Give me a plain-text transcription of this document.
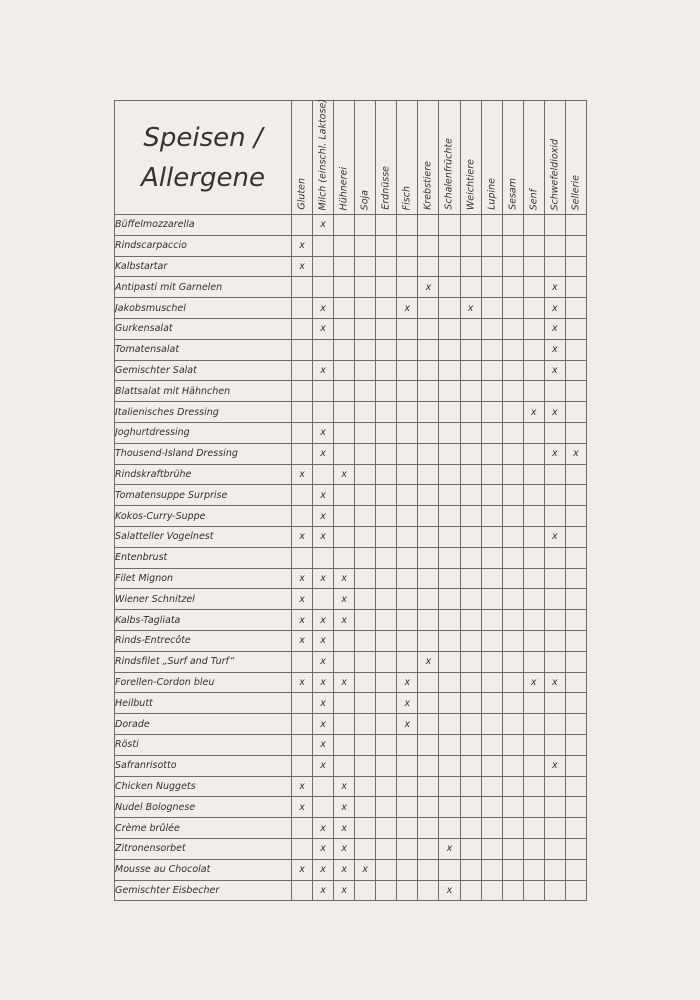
Speisen /
Allergene	Gluten	Milch (einschl. Laktose)	Hühnerei	Soja	Erdnüsse	Fisch	Krebstiere	Schalenfrüchte	Weichtiere	Lupine	Sesam	Senf	Schwefeldioxid	Sellerie

Büffelmozzarella		x												
Rindscarpaccio	x													
Kalbstartar	x													
Antipasti mit Garnelen							x						x	
Jakobsmuschel		x				x			x				x	
Gurkensalat		x											x	
Tomatensalat													x	
Gemischter Salat		x											x	
Blattsalat mit Hähnchen														
Italienisches Dressing												x	x	
Joghurtdressing		x												
Thousend-Island Dressing		x											x	x
Rindskraftbrühe	x		x											
Tomatensuppe Surprise		x												
Kokos-Curry-Suppe		x												
Salatteller Vogelnest	x	x											x	
Entenbrust														
Filet Mignon	x	x	x											
Wiener Schnitzel	x		x											
Kalbs-Tagliata	x	x	x											
Rinds-Entrecôte	x	x												
Rindsfilet „Surf and Turf“		x					x							
Forellen-Cordon bleu	x	x	x			x						x	x	
Heilbutt		x				x								
Dorade		x				x								
Rösti		x												
Safranrisotto		x											x	
Chicken Nuggets	x		x											
Nudel Bolognese	x		x											
Crème brûlée		x	x											
Zitronensorbet		x	x					x						
Mousse au Chocolat	x	x	x	x										
Gemischter Eisbecher		x	x					x						
